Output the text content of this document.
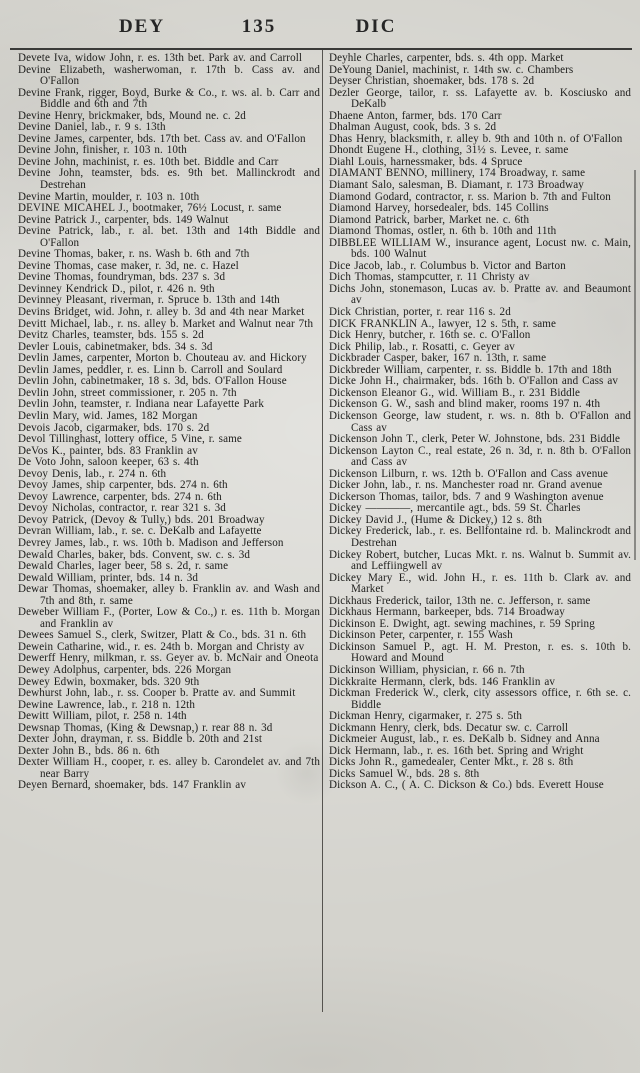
DEY	135	DIC
Devete Iva, widow John, r. es. 13th bet. Park av. and Carroll
Devine Elizabeth, washerwoman, r. 17th b. Cass av. and O'Fallon
Devine Frank, rigger, Boyd, Burke & Co., r. ws. al. b. Carr and Biddle and 6th and 7th
Devine Henry, brickmaker, bds, Mound ne. c. 2d
Devine Daniel, lab., r. 9 s. 13th
Devine James, carpenter, bds. 17th bet. Cass av. and O'Fallon
Devine John, finisher, r. 103 n. 10th
Devine John, machinist, r. es. 10th bet. Biddle and Carr
Devine John, teamster, bds. es. 9th bet. Mallinckrodt and Destrehan
Devine Martin, moulder, r. 103 n. 10th
DEVINE MICAHEL J., bootmaker, 76½ Locust, r. same
Devine Patrick J., carpenter, bds. 149 Walnut
Devine Patrick, lab., r. al. bet. 13th and 14th Biddle and O'Fallon
Devine Thomas, baker, r. ns. Wash b. 6th and 7th
Devine Thomas, case maker, r. 3d, ne. c. Hazel
Devine Thomas, foundryman, bds. 237 s. 3d
Devinney Kendrick D., pilot, r. 426 n. 9th
Devinney Pleasant, riverman, r. Spruce b. 13th and 14th
Devins Bridget, wid. John, r. alley b. 3d and 4th near Market
Devitt Michael, lab., r. ns. alley b. Market and Walnut near 7th
Devitz Charles, teamster, bds. 155 s. 2d
Devler Louis, cabinetmaker, bds. 34 s. 3d
Devlin James, carpenter, Morton b. Chouteau av. and Hickory
Devlin James, peddler, r. es. Linn b. Carroll and Soulard
Devlin John, cabinetmaker, 18 s. 3d, bds. O'Fallon House
Devlin John, street commissioner, r. 205 n. 7th
Devlin John, teamster, r. Indiana near Lafayette Park
Devlin Mary, wid. James, 182 Morgan
Devois Jacob, cigarmaker, bds. 170 s. 2d
Devol Tillinghast, lottery office, 5 Vine, r. same
DeVos K., painter, bds. 83 Franklin av
De Voto John, saloon keeper, 63 s. 4th
Devoy Denis, lab., r. 274 n. 6th
Devoy James, ship carpenter, bds. 274 n. 6th
Devoy Lawrence, carpenter, bds. 274 n. 6th
Devoy Nicholas, contractor, r. rear 321 s. 3d
Devoy Patrick, (Devoy & Tully,) bds. 201 Broadway
Devran William, lab., r. se. c. DeKalb and Lafayette
Devrey James, lab., r. ws. 10th b. Madison and Jefferson
Dewald Charles, baker, bds. Convent, sw. c. s. 3d
Dewald Charles, lager beer, 58 s. 2d, r. same
Dewald William, printer, bds. 14 n. 3d
Dewar Thomas, shoemaker, alley b. Franklin av. and Wash and 7th and 8th, r. same
Deweber William F., (Porter, Low & Co.,) r. es. 11th b. Morgan and Franklin av
Dewees Samuel S., clerk, Switzer, Platt & Co., bds. 31 n. 6th
Dewein Catharine, wid., r. es. 24th b. Morgan and Christy av
Dewerff Henry, milkman, r. ss. Geyer av. b. McNair and Oneota
Dewey Adolphus, carpenter, bds. 226 Morgan
Dewey Edwin, boxmaker, bds. 320 9th
Dewhurst John, lab., r. ss. Cooper b. Pratte av. and Summit
Dewine Lawrence, lab., r. 218 n. 12th
Dewitt William, pilot, r. 258 n. 14th
Dewsnap Thomas, (King & Dewsnap,) r. rear 88 n. 3d
Dexter John, drayman, r. ss. Biddle b. 20th and 21st
Dexter John B., bds. 86 n. 6th
Dexter William H., cooper, r. es. alley b. Carondelet av. and 7th near Barry
Deyen Bernard, shoemaker, bds. 147 Franklin av
Deyhle Charles, carpenter, bds. s. 4th opp. Market
DeYoung Daniel, machinist, r. 14th sw. c. Chambers
Deyser Christian, shoemaker, bds. 178 s. 2d
Dezler George, tailor, r. ss. Lafayette av. b. Kosciusko and DeKalb
Dhaene Anton, farmer, bds. 170 Carr
Dhalman August, cook, bds. 3 s. 2d
Dhas Henry, blacksmith, r. alley b. 9th and 10th n. of O'Fallon
Dhondt Eugene H., clothing, 31½ s. Levee, r. same
Diahl Louis, harnessmaker, bds. 4 Spruce
DIAMANT BENNO, millinery, 174 Broadway, r. same
Diamant Salo, salesman, B. Diamant, r. 173 Broadway
Diamond Godard, contractor, r. ss. Marion b. 7th and Fulton
Diamond Harvey, horsedealer, bds. 145 Collins
Diamond Patrick, barber, Market ne. c. 6th
Diamond Thomas, ostler, n. 6th b. 10th and 11th
DIBBLEE WILLIAM W., insurance agent, Locust nw. c. Main, bds. 100 Walnut
Dice Jacob, lab., r. Columbus b. Victor and Barton
Dich Thomas, stampcutter, r. 11 Christy av
Dichs John, stonemason, Lucas av. b. Pratte av. and Beaumont av
Dick Christian, porter, r. rear 116 s. 2d
DICK FRANKLIN A., lawyer, 12 s. 5th, r. same
Dick Henry, butcher, r. 16th se. c. O'Fallon
Dick Philip, lab., r. Rosatti, c. Geyer av
Dickbrader Casper, baker, 167 n. 13th, r. same
Dickbreder William, carpenter, r. ss. Biddle b. 17th and 18th
Dicke John H., chairmaker, bds. 16th b. O'Fallon and Cass av
Dickenson Eleanor G., wid. William B., r. 231 Biddle
Dickenson G. W., sash and blind maker, rooms 197 n. 4th
Dickenson George, law student, r. ws. n. 8th b. O'Fallon and Cass av
Dickenson John T., clerk, Peter W. Johnstone, bds. 231 Biddle
Dickenson Layton C., real estate, 26 n. 3d, r. n. 8th b. O'Fallon and Cass av
Dickenson Lilburn, r. ws. 12th b. O'Fallon and Cass avenue
Dicker John, lab., r. ns. Manchester road nr. Grand avenue
Dickerson Thomas, tailor, bds. 7 and 9 Washington avenue
Dickey ————, mercantile agt., bds. 59 St. Charles
Dickey David J., (Hume & Dickey,) 12 s. 8th
Dickey Frederick, lab., r. es. Bellfontaine rd. b. Malinckrodt and Destrehan
Dickey Robert, butcher, Lucas Mkt. r. ns. Walnut b. Summit av. and Leffiingwell av
Dickey Mary E., wid. John H., r. es. 11th b. Clark av. and Market
Dickhaus Frederick, tailor, 13th ne. c. Jefferson, r. same
Dickhaus Hermann, barkeeper, bds. 714 Broadway
Dickinson E. Dwight, agt. sewing machines, r. 59 Spring
Dickinson Peter, carpenter, r. 155 Wash
Dickinson Samuel P., agt. H. M. Preston, r. es. s. 10th b. Howard and Mound
Dickinson William, physician, r. 66 n. 7th
Dickkraite Hermann, clerk, bds. 146 Franklin av
Dickman Frederick W., clerk, city assessors office, r. 6th se. c. Biddle
Dickman Henry, cigarmaker, r. 275 s. 5th
Dickmann Henry, clerk, bds. Decatur sw. c. Carroll
Dickmeier August, lab., r. es. DeKalb b. Sidney and Anna
Dick Hermann, lab., r. es. 16th bet. Spring and Wright
Dicks John R., gamedealer, Center Mkt., r. 28 s. 8th
Dicks Samuel W., bds. 28 s. 8th
Dickson A. C., ( A. C. Dickson & Co.) bds. Everett House
